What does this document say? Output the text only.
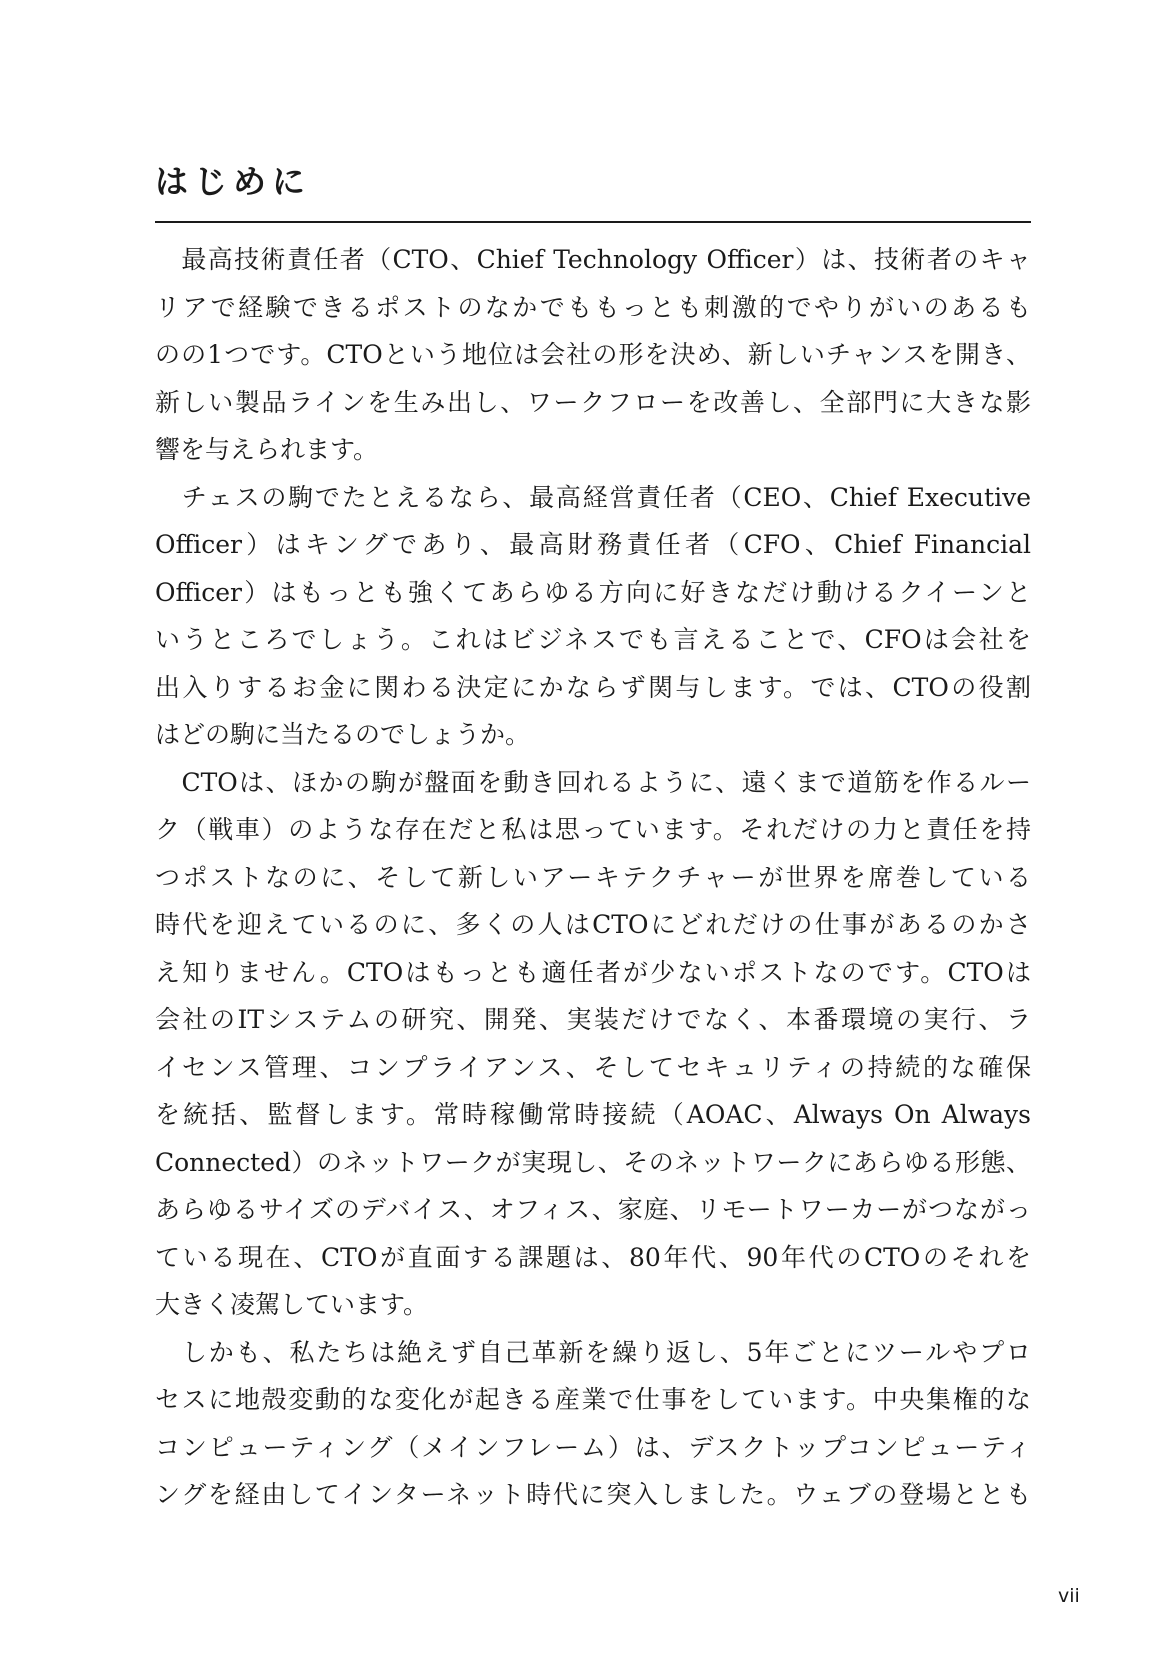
はじめに
　最高技術責任者（CTO、Chief Technology Officer）は、技術者のキャ
リアで経験できるポストのなかでももっとも刺激的でやりがいのあるも
のの1つです。CTOという地位は会社の形を決め、新しいチャンスを開き、
新しい製品ラインを生み出し、ワークフローを改善し、全部門に大きな影
響を与えられます。
　チェスの駒でたとえるなら、最高経営責任者（CEO、Chief Executive
Officer）はキングであり、最高財務責任者（CFO、Chief Financial
Officer）はもっとも強くてあらゆる方向に好きなだけ動けるクイーンと
いうところでしょう。これはビジネスでも言えることで、CFOは会社を
出入りするお金に関わる決定にかならず関与します。では、CTOの役割
はどの駒に当たるのでしょうか。
　CTOは、ほかの駒が盤面を動き回れるように、遠くまで道筋を作るルー
ク（戦車）のような存在だと私は思っています。それだけの力と責任を持
つポストなのに、そして新しいアーキテクチャーが世界を席巻している
時代を迎えているのに、多くの人はCTOにどれだけの仕事があるのかさ
え知りません。CTOはもっとも適任者が少ないポストなのです。CTOは
会社のITシステムの研究、開発、実装だけでなく、本番環境の実行、ラ
イセンス管理、コンプライアンス、そしてセキュリティの持続的な確保
を統括、監督します。常時稼働常時接続（AOAC、Always On Always
Connected）のネットワークが実現し、そのネットワークにあらゆる形態、
あらゆるサイズのデバイス、オフィス、家庭、リモートワーカーがつながっ
ている現在、CTOが直面する課題は、80年代、90年代のCTOのそれを
大きく凌駕しています。
　しかも、私たちは絶えず自己革新を繰り返し、5年ごとにツールやプロ
セスに地殻変動的な変化が起きる産業で仕事をしています。中央集権的な
コンピューティング（メインフレーム）は、デスクトップコンピューティ
ングを経由してインターネット時代に突入しました。ウェブの登場ととも
vii
